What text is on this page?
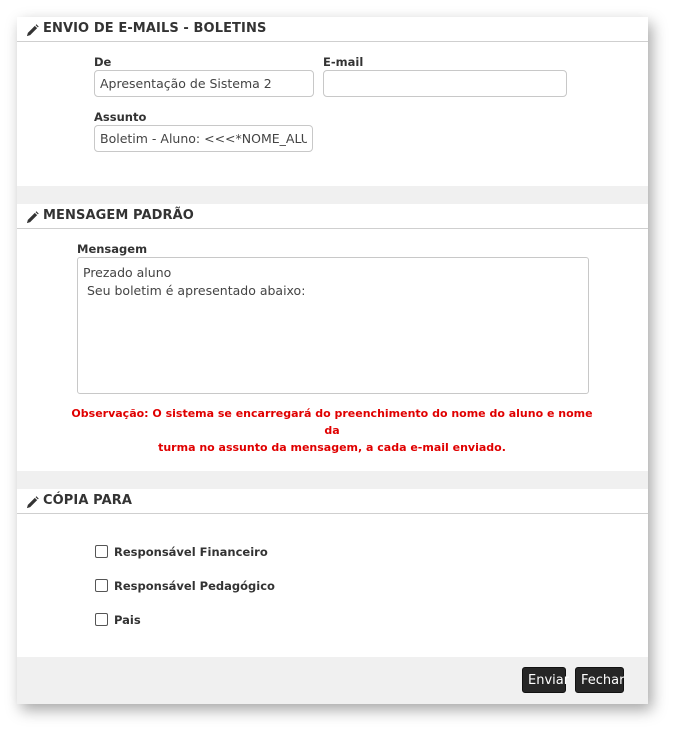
ENVIO DE E-MAILS - BOLETINS
De
Apresentação de Sistema 2	E-mail
Assunto
Boletim - Aluno: <<<*NOME_ALUNO*>>>
MENSAGEM PADRÃO
Mensagem
Prezado aluno
Seu boletim é apresentado abaixo:
Observação: O sistema se encarregará do preenchimento do nome do aluno e nome da
turma no assunto da mensagem, a cada e-mail enviado.
CÓPIA PARA
Responsável Financeiro
Responsável Pedagógico
Pais
Enviar Fechar
